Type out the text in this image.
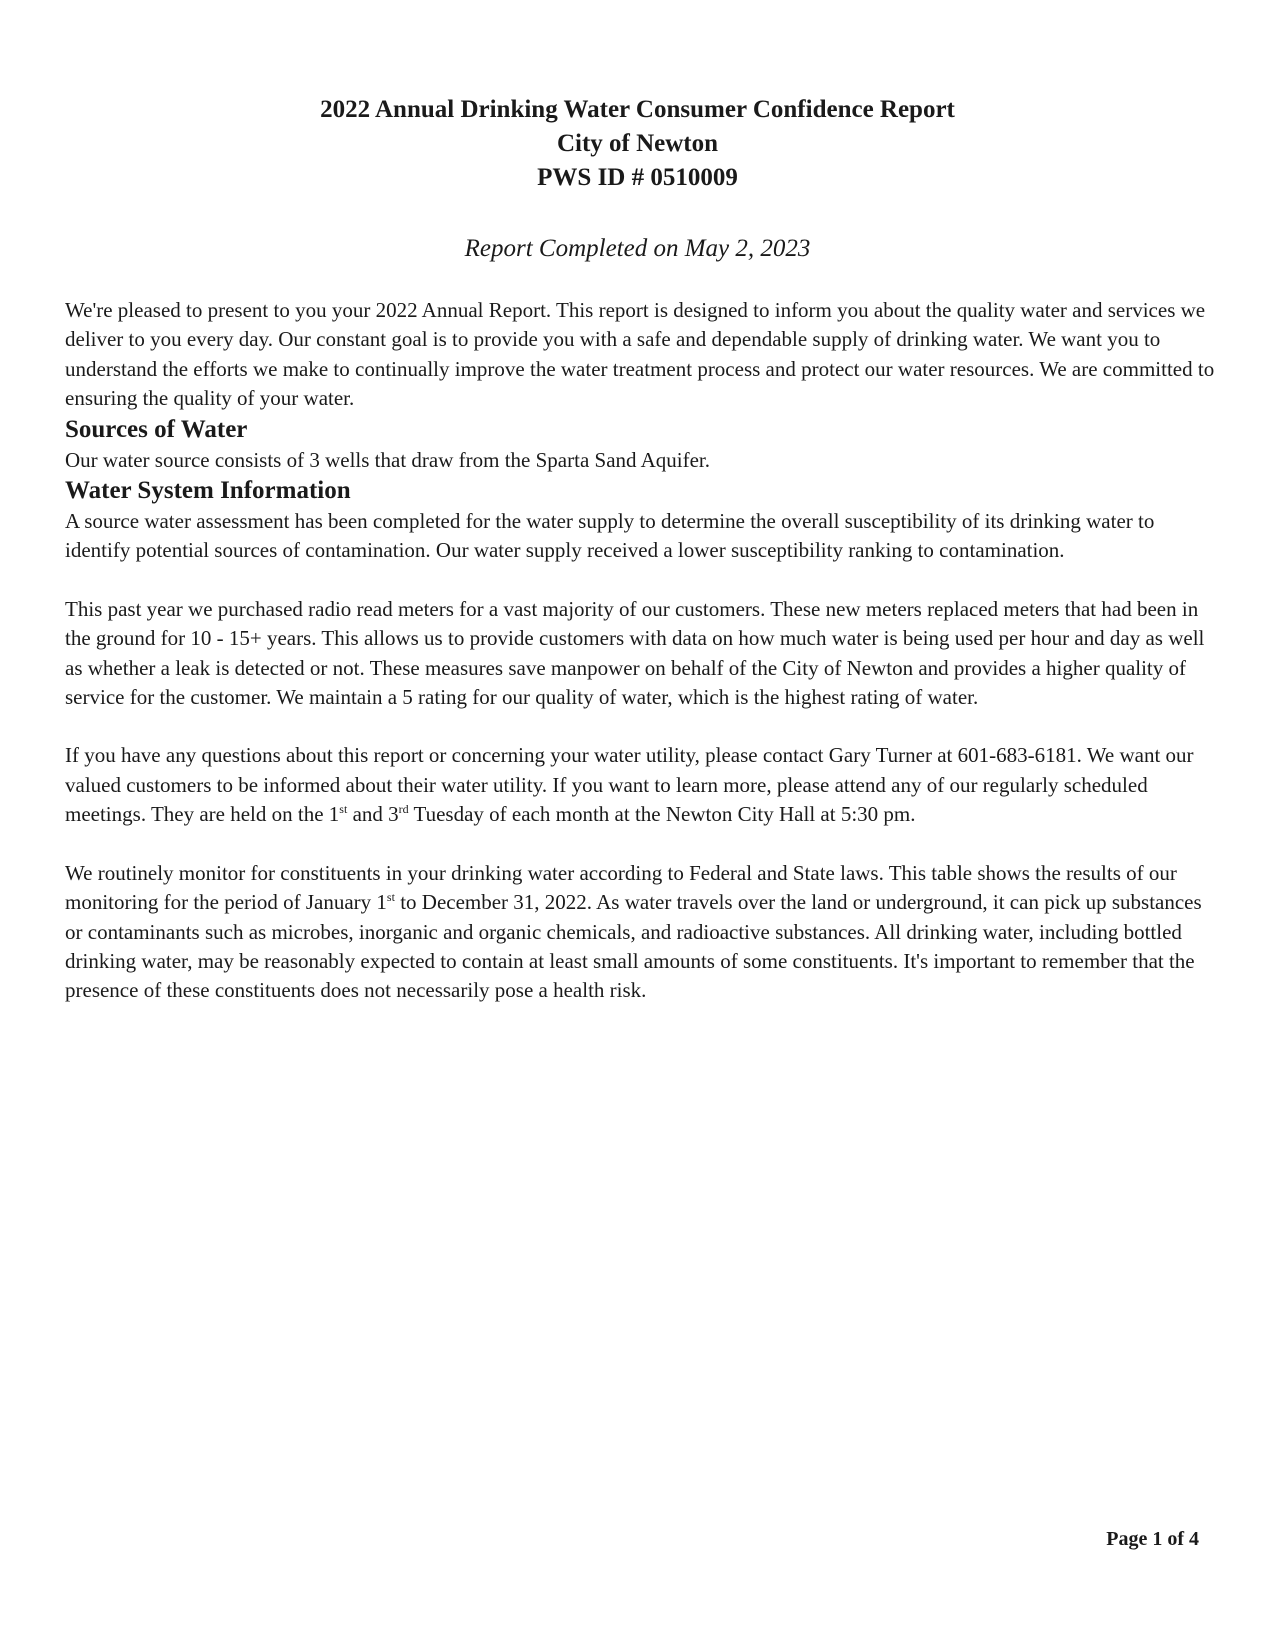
2022 Annual Drinking Water Consumer Confidence Report

City of Newton

PWS ID # 0510009

Report Completed on May 2, 2023

We're pleased to present to you your 2022 Annual Report. This report is designed to inform you about the quality water and services we deliver to you every day. Our constant goal is to provide you with a safe and dependable supply of drinking water. We want you to understand the efforts we make to continually improve the water treatment process and protect our water resources. We are committed to ensuring the quality of your water.

Sources of Water

Our water source consists of 3 wells that draw from the Sparta Sand Aquifer.

Water System Information

A source water assessment has been completed for the water supply to determine the overall susceptibility of its drinking water to identify potential sources of contamination. Our water supply received a lower susceptibility ranking to contamination.

This past year we purchased radio read meters for a vast majority of our customers. These new meters replaced meters that had been in the ground for 10 - 15+ years. This allows us to provide customers with data on how much water is being used per hour and day as well as whether a leak is detected or not. These measures save manpower on behalf of the City of Newton and provides a higher quality of service for the customer. We maintain a 5 rating for our quality of water, which is the highest rating of water.

If you have any questions about this report or concerning your water utility, please contact Gary Turner at 601-683-6181. We want our valued customers to be informed about their water utility. If you want to learn more, please attend any of our regularly scheduled meetings. They are held on the 1st and 3rd Tuesday of each month at the Newton City Hall at 5:30 pm.

We routinely monitor for constituents in your drinking water according to Federal and State laws. This table shows the results of our monitoring for the period of January 1st to December 31, 2022. As water travels over the land or underground, it can pick up substances or contaminants such as microbes, inorganic and organic chemicals, and radioactive substances. All drinking water, including bottled drinking water, may be reasonably expected to contain at least small amounts of some constituents. It's important to remember that the presence of these constituents does not necessarily pose a health risk.

Page 1 of 4
